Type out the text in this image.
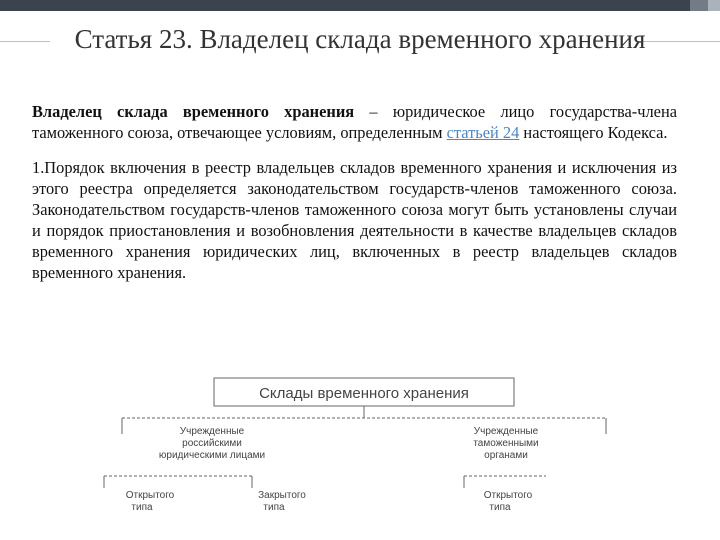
Статья 23. Владелец склада временного хранения

Владелец склада временного хранения – юридическое лицо государства-члена таможенного союза, отвечающее условиям, определенным статьей 24 настоящего Кодекса.

1.Порядок включения в реестр владельцев складов временного хранения и исключения из этого реестра определяется законодательством государств-членов таможенного союза. Законодательством государств-членов таможенного союза могут быть установлены случаи и порядок приостановления и возобновления деятельности в качестве владельцев складов временного хранения юридических лиц, включенных в реестр владельцев складов временного хранения.

Склады временного хранения
Учрежденные
российскими
юридическими лицами
Учрежденные
таможенными
органами
Открытого
типа
Закрытого
типа
Открытого
типа
